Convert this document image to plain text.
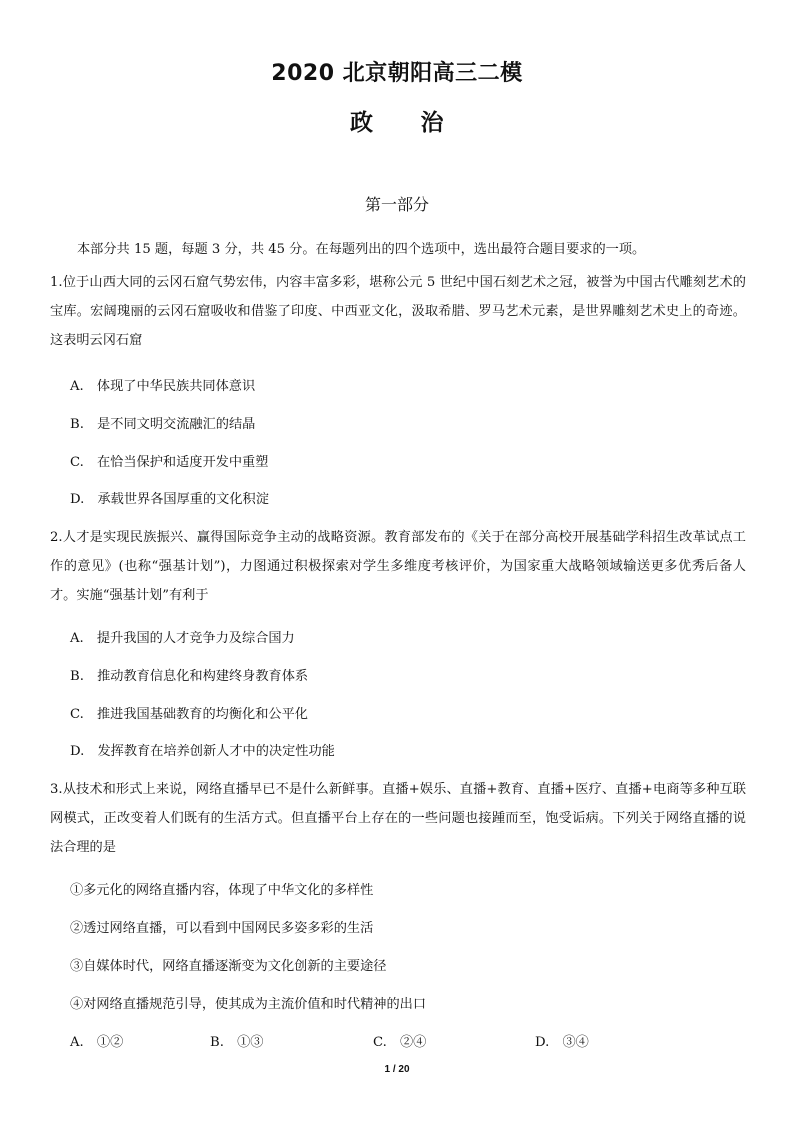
2020 北京朝阳高三二模
政　　治
第一部分
本部分共 15 题，每题 3 分，共 45 分。在每题列出的四个选项中，选出最符合题目要求的一项。
1.位于山西大同的云冈石窟气势宏伟，内容丰富多彩，堪称公元 5 世纪中国石刻艺术之冠，被誉为中国古代雕刻艺术的宝库。宏阔瑰丽的云冈石窟吸收和借鉴了印度、中西亚文化，汲取希腊、罗马艺术元素，是世界雕刻艺术史上的奇迹。这表明云冈石窟
A.　体现了中华民族共同体意识
B.　是不同文明交流融汇的结晶
C.　在恰当保护和适度开发中重塑
D.　承载世界各国厚重的文化积淀
2.人才是实现民族振兴、赢得国际竞争主动的战略资源。教育部发布的《关于在部分高校开展基础学科招生改革试点工作的意见》(也称“强基计划”)，力图通过积极探索对学生多维度考核评价，为国家重大战略领域输送更多优秀后备人才。实施“强基计划”有利于
A.　提升我国的人才竞争力及综合国力
B.　推动教育信息化和构建终身教育体系
C.　推进我国基础教育的均衡化和公平化
D.　发挥教育在培养创新人才中的决定性功能
3.从技术和形式上来说，网络直播早已不是什么新鲜事。直播+娱乐、直播+教育、直播+医疗、直播+电商等多种互联网模式，正改变着人们既有的生活方式。但直播平台上存在的一些问题也接踵而至，饱受诟病。下列关于网络直播的说法合理的是
①多元化的网络直播内容，体现了中华文化的多样性
②透过网络直播，可以看到中国网民多姿多彩的生活
③自媒体时代，网络直播逐渐变为文化创新的主要途径
④对网络直播规范引导，使其成为主流价值和时代精神的出口
A.　①②	B.　①③	C.　②④	D.　③④
1 / 20
